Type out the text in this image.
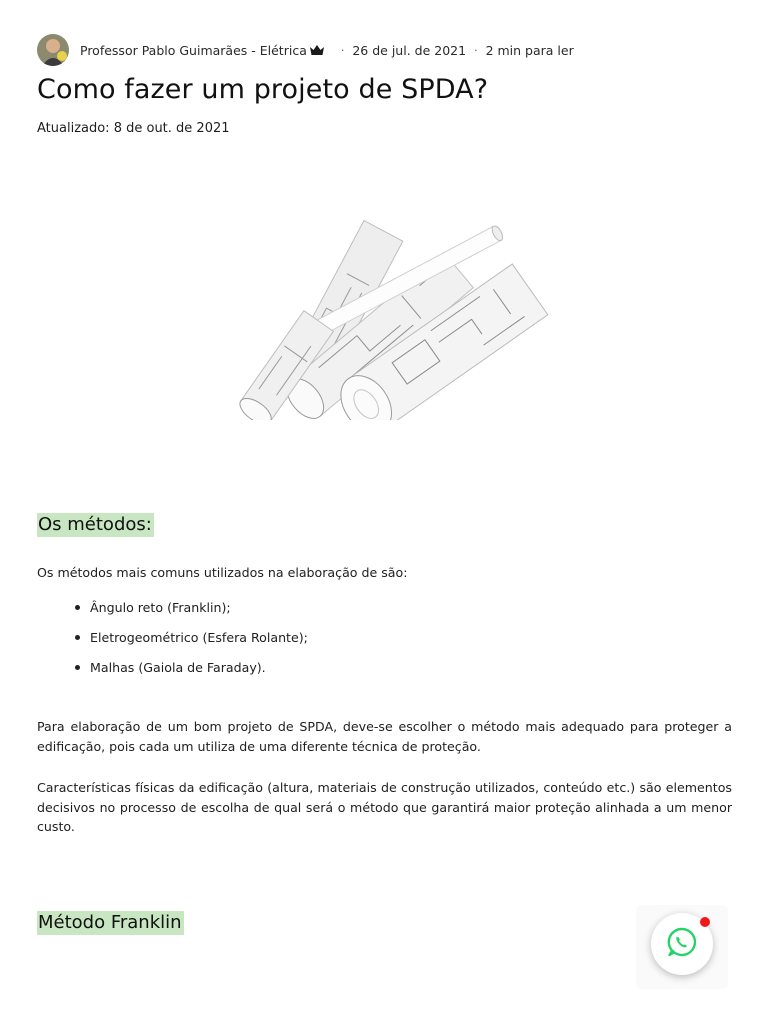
Professor Pablo Guimarães - Elétrica	· 26 de jul. de 2021 · 2 min para ler
Como fazer um projeto de SPDA?
Atualizado: 8 de out. de 2021
Os métodos:

Os métodos mais comuns utilizados na elaboração de são:

Ângulo reto (Franklin);
Eletrogeométrico (Esfera Rolante);
Malhas (Gaiola de Faraday).

Para elaboração de um bom projeto de SPDA, deve-se escolher o método mais adequado para proteger a edificação, pois cada um utiliza de uma diferente técnica de proteção.

Características físicas da edificação (altura, materiais de construção utilizados, conteúdo etc.) são elementos decisivos no processo de escolha de qual será o método que garantirá maior proteção alinhada a um menor custo.

Método Franklin
